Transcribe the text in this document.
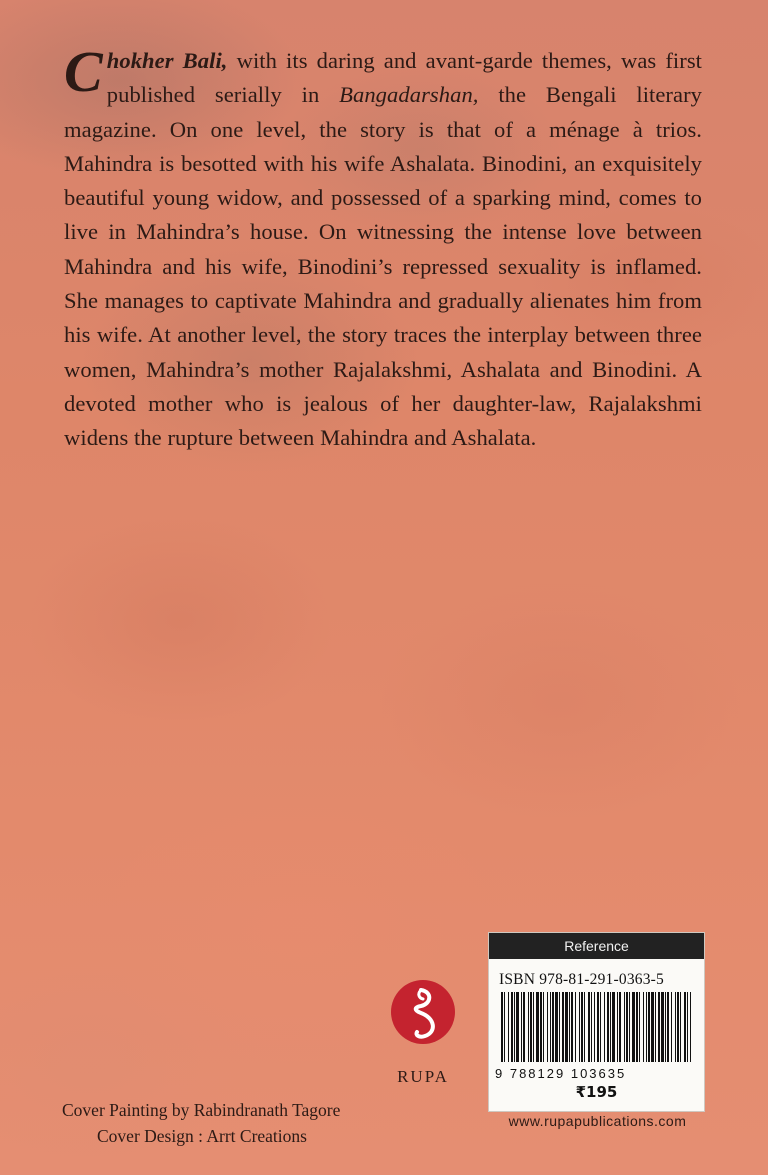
Chokher Bali, with its daring and avant-garde themes, was first published serially in Bangadarshan, the Bengali literary magazine. On one level, the story is that of a ménage à trios. Mahindra is besotted with his wife Ashalata. Binodini, an exquisitely beautiful young widow, and possessed of a sparking mind, comes to live in Mahindra’s house. On witnessing the intense love between Mahindra and his wife, Binodini’s repressed sexuality is inflamed. She manages to captivate Mahindra and gradually alienates him from his wife. At another level, the story traces the interplay between three women, Mahindra’s mother Rajalakshmi, Ashalata and Binodini. A devoted mother who is jealous of her daughter-law, Rajalakshmi widens the rupture between Mahindra and Ashalata.

RUPA
Cover Painting by Rabindranath Tagore
Cover Design : Arrt Creations
Reference
ISBN 978-81-291-0363-5
9 788129 103635
₹195
www.rupapublications.com
